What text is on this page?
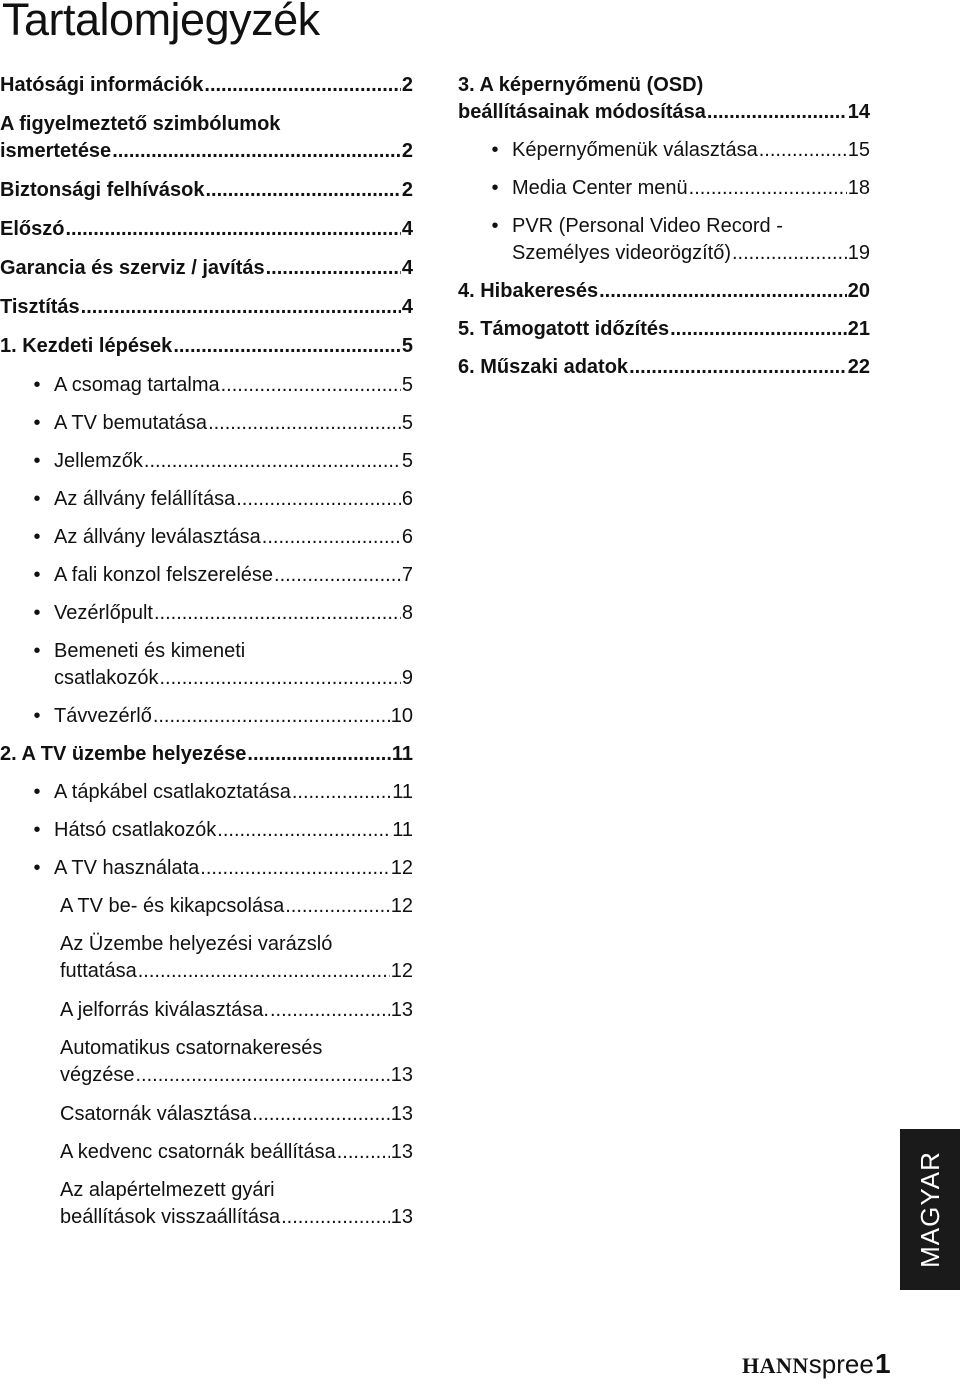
Tartalomjegyzék
Hatósági információk .....	2
A figyelmeztető szimbólumok
ismertetése .....	2
Biztonsági felhívások .....	2
Előszó .....	4
Garancia és szerviz / javítás .....	4
Tisztítás .....	4
1. Kezdeti lépések .....	5
• A csomag tartalma .....	5
• A TV bemutatása .....	5
• Jellemzők .....	5
• Az állvány felállítása .....	6
• Az állvány leválasztása .....	6
• A fali konzol felszerelése .....	7
• Vezérlőpult .....	8
• Bemeneti és kimeneti
csatlakozók .....	9
• Távvezérlő .....	10
2. A TV üzembe helyezése .....	11
• A tápkábel csatlakoztatása .....	11
• Hátsó csatlakozók .....	11
• A TV használata .....	12
A TV be- és kikapcsolása .....	12
Az Üzembe helyezési varázsló
futtatása .....	12
A jelforrás kiválasztása. .....	13
Automatikus csatornakeresés
végzése .....	13
Csatornák választása .....	13
A kedvenc csatornák beállítása .....	13
Az alapértelmezett gyári
beállítások visszaállítása .....	13
3. A képernyőmenü (OSD)
beállításainak módosítása .....	14
• Képernyőmenük választása .....	15
• Media Center menü .....	18
• PVR (Personal Video Record -
Személyes videorögzítő) .....	19
4. Hibakeresés .....	20
5. Támogatott időzítés .....	21
6. Műszaki adatok .....	22
MAGYAR
HANNspree 1
